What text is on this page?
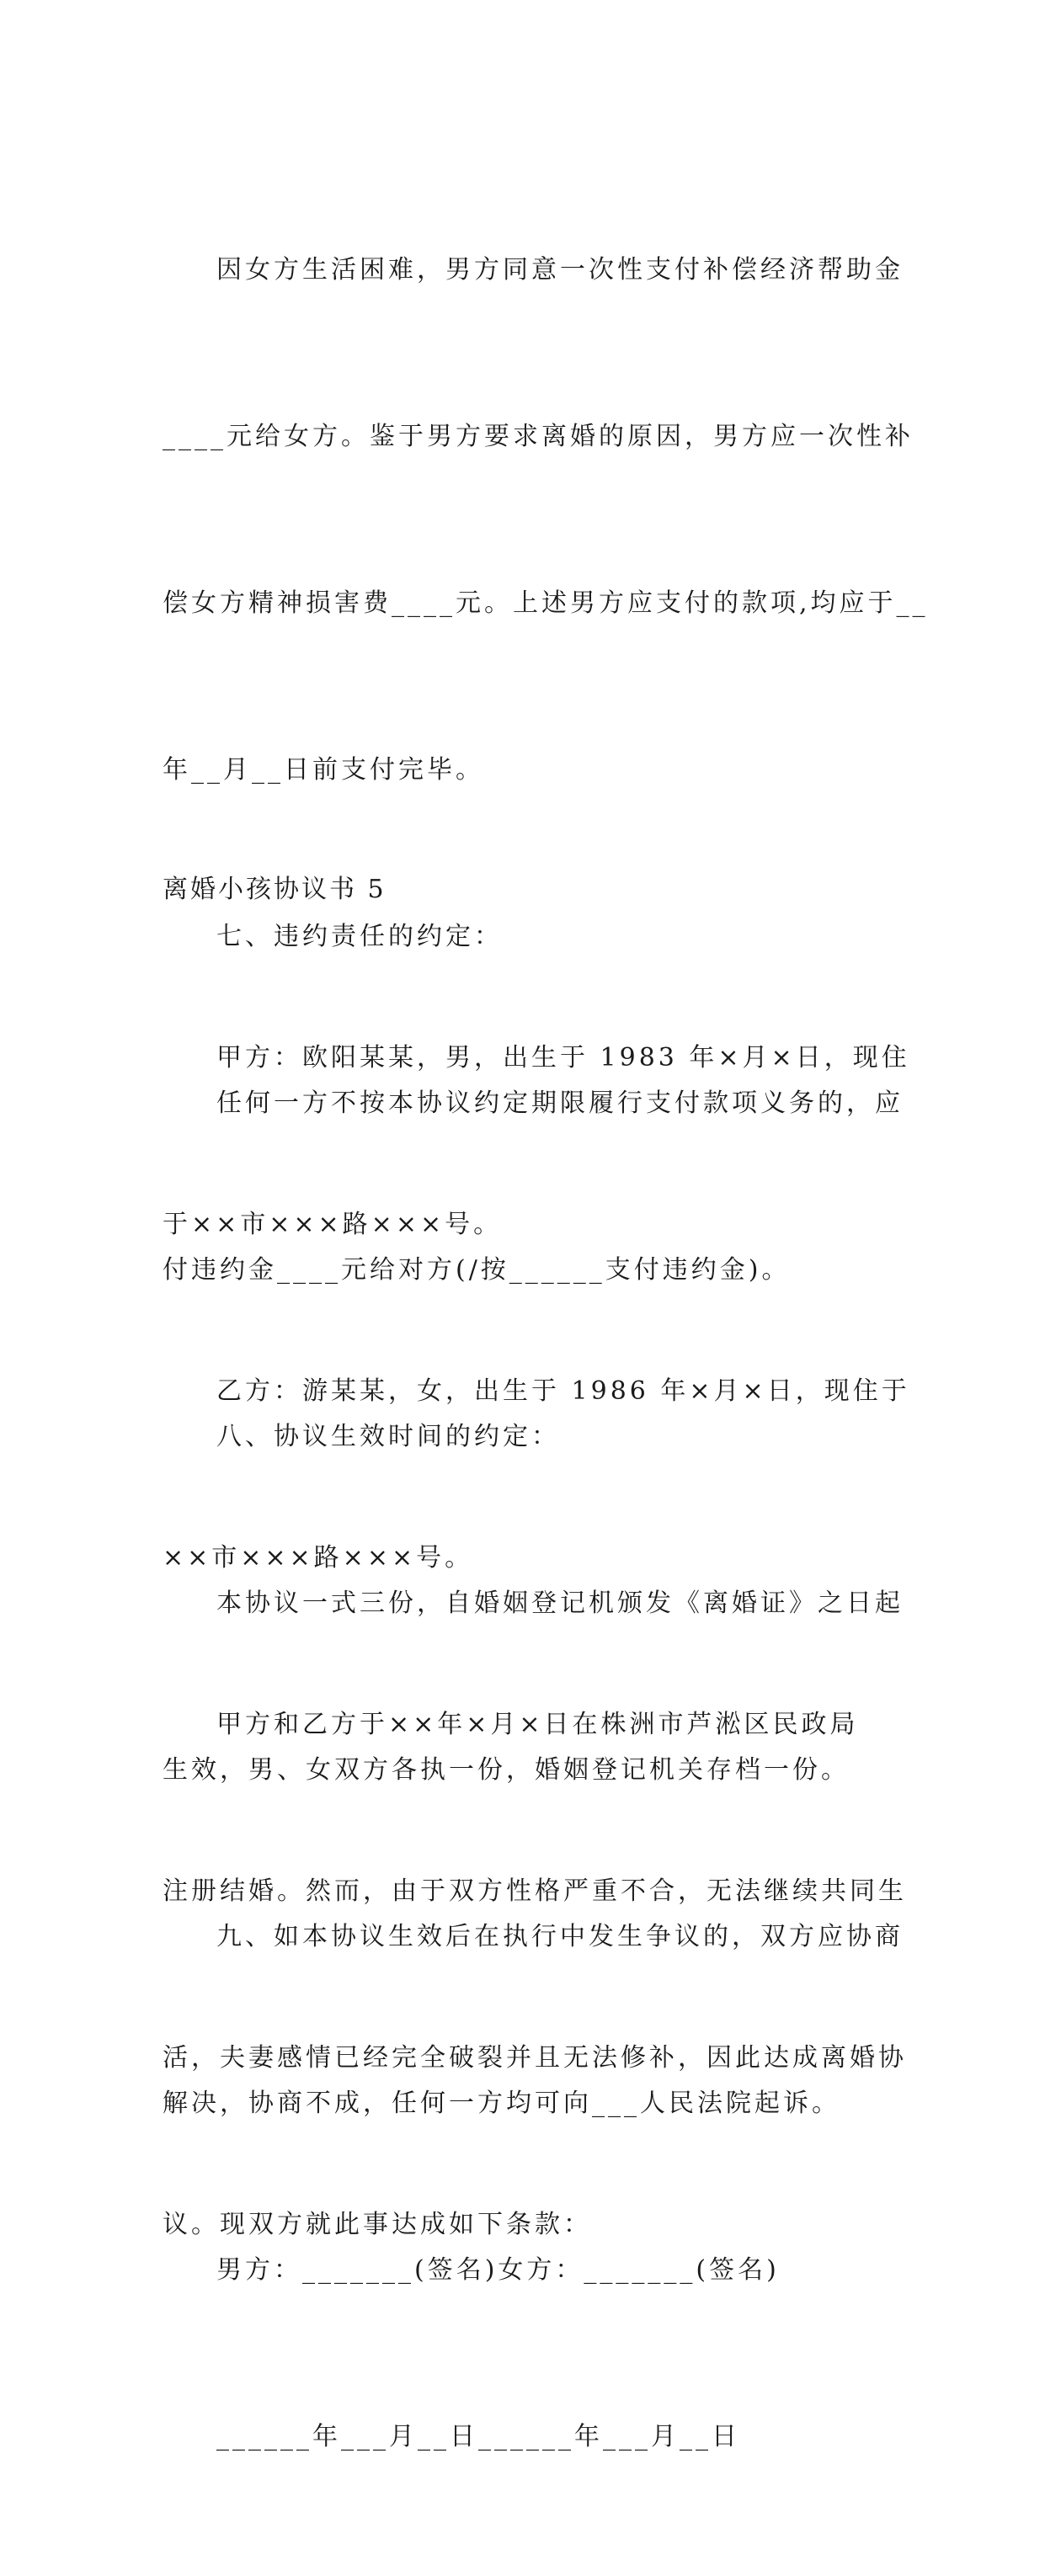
因女方生活困难，男方同意一次性支付补偿经济帮助金

____元给女方。鉴于男方要求离婚的原因，男方应一次性补

偿女方精神损害费____元。上述男方应支付的款项,均应于__

年__月__日前支付完毕。

七、违约责任的约定：

任何一方不按本协议约定期限履行支付款项义务的，应

付违约金____元给对方(/按______支付违约金)。

八、协议生效时间的约定：

本协议一式三份，自婚姻登记机颁发《离婚证》之日起

生效，男、女双方各执一份，婚姻登记机关存档一份。

九、如本协议生效后在执行中发生争议的，双方应协商

解决，协商不成，任何一方均可向___人民法院起诉。

男方：_______(签名)女方：_______(签名)

______年___月__日______年___月__日

离婚小孩协议书 5

甲方：欧阳某某，男，出生于 1983 年×月×日，现住

于××市×××路×××号。

乙方：游某某，女，出生于 1986 年×月×日，现住于

××市×××路×××号。

甲方和乙方于××年×月×日在株洲市芦淞区民政局

注册结婚。然而，由于双方性格严重不合，无法继续共同生

活，夫妻感情已经完全破裂并且无法修补，因此达成离婚协

议。现双方就此事达成如下条款：
